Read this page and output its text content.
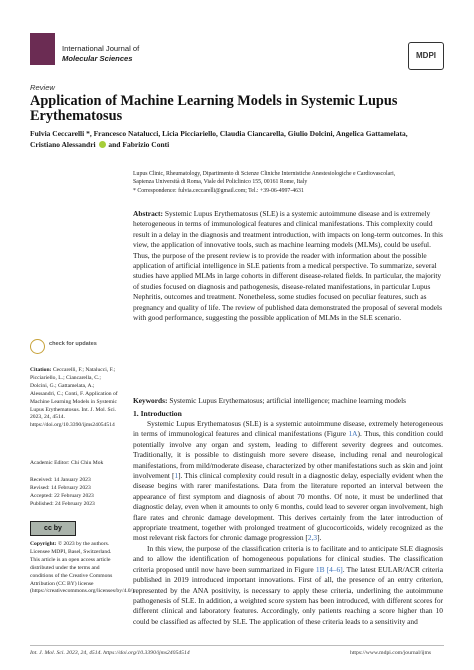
International Journal of
Molecular Sciences	MDPI
Review
Application of Machine Learning Models in Systemic Lupus Erythematosus
Fulvia Ceccarelli *, Francesco Natalucci, Licia Picciariello, Claudia Ciancarella, Giulio Dolcini, Angelica Gattamelata,
Cristiano Alessandri and Fabrizio Conti
Lupus Clinic, Rheumatology, Dipartimento di Scienze Cliniche Internistiche Anestesiologiche e Cardiovascolari,
Sapienza Università di Roma, Viale del Policlinico 155, 00161 Rome, Italy
* Correspondence: fulvia.ceccarelli@gmail.com; Tel.: +39-06-4997-4631
Abstract: Systemic Lupus Erythematosus (SLE) is a systemic autoimmune disease and is extremely heterogeneous in terms of immunological features and clinical manifestations. This complexity could result in a delay in the diagnosis and treatment introduction, with impacts on long-term outcomes. In this view, the application of innovative tools, such as machine learning models (MLMs), could be useful. Thus, the purpose of the present review is to provide the reader with information about the possible application of artificial intelligence in SLE patients from a medical perspective. To summarize, several studies have applied MLMs in large cohorts in different disease-related fields. In particular, the majority of studies focused on diagnosis and pathogenesis, disease-related manifestations, in particular Lupus Nephritis, outcomes and treatment. Nonetheless, some studies focused on peculiar features, such as pregnancy and quality of life. The review of published data demonstrated the proposal of several models with good performance, suggesting the possible application of MLMs in the SLE scenario.
Keywords: Systemic Lupus Erythematosus; artificial intelligence; machine learning models
1. Introduction

Systemic Lupus Erythematosus (SLE) is a systemic autoimmune disease, extremely heterogeneous in terms of immunological features and clinical manifestations (Figure 1A). Thus, this condition could potentially involve any organ and system, leading to different severity degrees and outcomes. Traditionally, it is possible to distinguish more severe disease, including renal and neurological manifestations, from mild/moderate disease, characterized by other manifestations such as skin and joint involvement [1]. This clinical complexity could result in a diagnostic delay, especially evident when the disease begins with rarer manifestations. Data from the literature reported an interval between the appearance of first symptom and diagnosis of about 70 months. Of note, it must be underlined that diagnostic delay, even when it amounts to only 6 months, could lead to severer organ involvement, high flare rates and chronic damage development. This derives certainly from the later introduction of appropriate treatment, together with prolonged treatment of glucocorticoids, widely recognized as the most relevant risk factors for chronic damage progression [2,3].

In this view, the purpose of the classification criteria is to facilitate and to anticipate SLE diagnosis and to allow the identification of homogeneous populations for clinical studies. The classification criteria proposed until now have been summarized in Figure 1B [4–6]. The latest EULAR/ACR criteria published in 2019 introduced important innovations. First of all, the presence of an entry criterion, represented by the ANA positivity, is necessary to apply these criteria, underlining the autoimmune pathogenesis of SLE. In addition, a weighted score system has been introduced, with different scores for different clinical and laboratory features. Accordingly, only patients reaching a score higher than 10 could be classified as affected by SLE. The application of these criteria leads to a sensitivity and

check for updates
Citation: Ceccarelli, F.; Natalucci, F.; Picciariello, L.; Ciancarella, C.; Dolcini, G.; Gattamelata, A.; Alessandri, C.; Conti, F. Application of Machine Learning Models in Systemic Lupus Erythematosus. Int. J. Mol. Sci. 2023, 24, 4514. https://doi.org/10.3390/ijms24054514
Academic Editor: Chi Chiu Mok
Received: 14 January 2023
Revised: 14 February 2023
Accepted: 22 February 2023
Published: 24 February 2023
cc by
Copyright: © 2023 by the authors. Licensee MDPI, Basel, Switzerland. This article is an open access article distributed under the terms and conditions of the Creative Commons Attribution (CC BY) license (https://creativecommons.org/licenses/by/4.0/).
Int. J. Mol. Sci. 2023, 24, 4514. https://doi.org/10.3390/ijms24054514	https://www.mdpi.com/journal/ijms
